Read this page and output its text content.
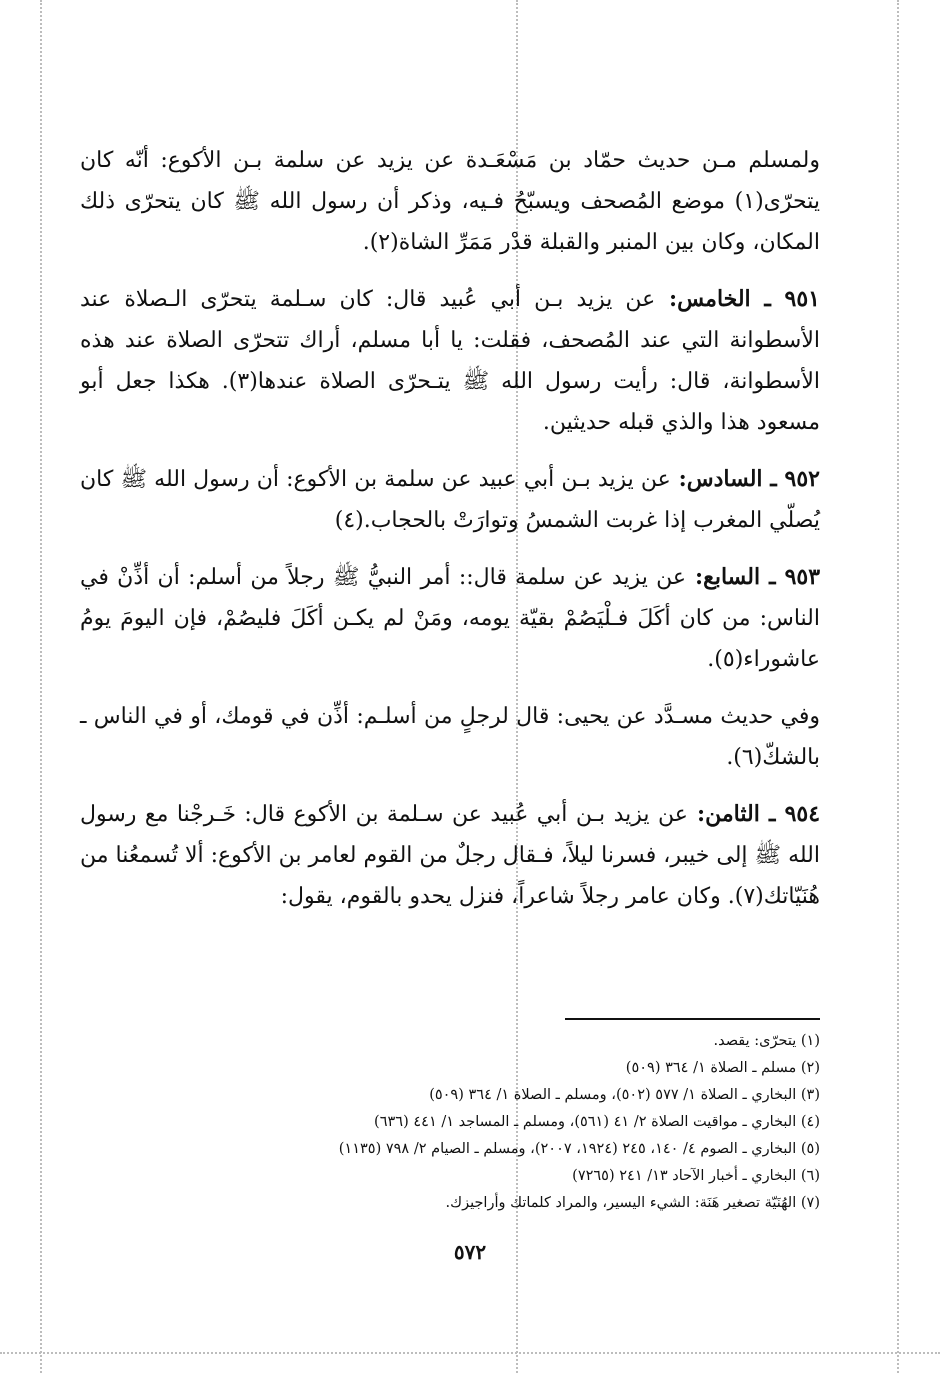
ولمسلم مـن حديث حمّاد بن مَسْعَـدة عن يزيد عن سلمة بـن الأكوع: أنّه كان يتحرّى(١) موضع المُصحف ويسبّحُ فـيه، وذكر أن رسول الله ﷺ كان يتحرّى ذلك المكان، وكان بين المنبر والقبلة قدْر مَمَرِّ الشاة(٢).

٩٥١ ـ الخامس: عن يزيد بـن أبي عُبيد قال: كان سـلمة يتحرّى الـصلاة عند الأسطوانة التي عند المُصحف، فقلت: يا أبا مسلم، أراك تتحرّى الصلاة عند هذه الأسطوانة، قال: رأيت رسول الله ﷺ يتـحرّى الصلاة عندها(٣). هكذا جعل أبو مسعود هذا والذي قبله حديثين.

٩٥٢ ـ السادس: عن يزيد بـن أبي عبيد عن سلمة بن الأكوع: أن رسول الله ﷺ كان يُصلّي المغرب إذا غربت الشمسُ وتوارَتْ بالحجاب.(٤)

٩٥٣ ـ السابع: عن يزيد عن سلمة قال:: أمر النبيُّ ﷺ رجلاً من أسلم: أن أذِّنْ في الناس: من كان أكَلَ فـلْيَصُمْ بقيّة يومه، ومَنْ لم يكـن أكَلَ فليصُمْ، فإن اليومَ يومُ عاشوراء(٥).

وفي حديث مسـدَّد عن يحيى: قال لرجلٍ من أسلـم: أذِّن في قومك، أو في الناس ـ بالشكّ(٦).

٩٥٤ ـ الثامن: عن يزيد بـن أبي عُبيد عن سـلمة بن الأكوع قال: خَـرجْنا مع رسول الله ﷺ إلى خيبر، فسرنا ليلاً، فـقال رجلٌ من القوم لعامر بن الأكوع: ألا تُسمعُنا من هُنَيّاتك(٧). وكان عامر رجلاً شاعراً، فنزل يحدو بالقوم، يقول:

(١) يتحرّى: يقصد.
(٢) مسلم ـ الصلاة ١/ ٣٦٤ (٥٠٩)
(٣) البخاري ـ الصلاة ١/ ٥٧٧ (٥٠٢)، ومسلم ـ الصلاة ١/ ٣٦٤ (٥٠٩)
(٤) البخاري ـ مواقيت الصلاة ٢/ ٤١ (٥٦١)، ومسلم ـ المساجد ١/ ٤٤١ (٦٣٦)
(٥) البخاري ـ الصوم ٤/ ١٤٠، ٢٤٥ (١٩٢٤، ٢٠٠٧)، ومسلم ـ الصيام ٢/ ٧٩٨ (١١٣٥)
(٦) البخاري ـ أخبار الآحاد ١٣/ ٢٤١ (٧٢٦٥)
(٧) الهُنَيّة تصغير هَنَة: الشيء اليسير، والمراد كلماتك وأراجيزك.
٥٧٢
